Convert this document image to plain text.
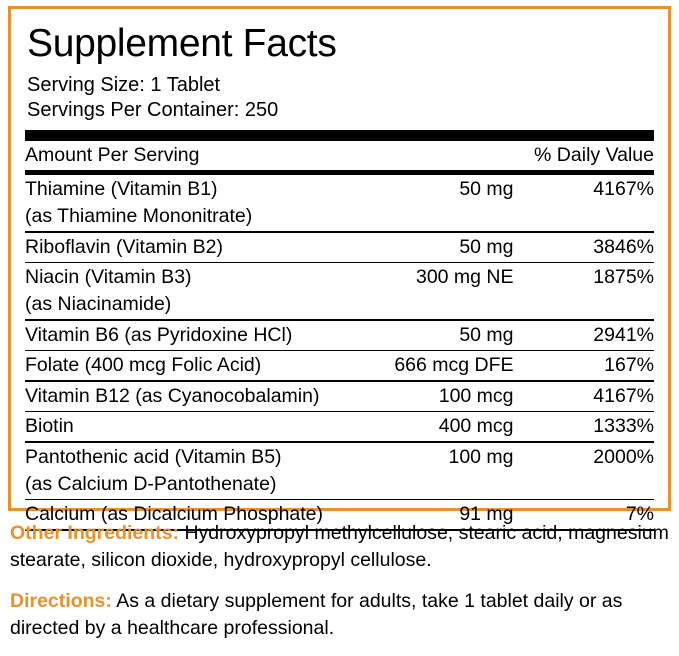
Supplement Facts
Serving Size: 1 Tablet
Servings Per Container: 250
Amount Per Serving		% Daily Value

Thiamine (Vitamin B1)	50 mg	4167%
(as Thiamine Mononitrate)		

Riboflavin (Vitamin B2)	50 mg	3846%

Niacin (Vitamin B3)	300 mg NE	1875%
(as Niacinamide)		

Vitamin B6 (as Pyridoxine HCl)	50 mg	2941%

Folate (400 mcg Folic Acid)	666 mcg DFE	167%

Vitamin B12 (as Cyanocobalamin)	100 mcg	4167%

Biotin	400 mcg	1333%

Pantothenic acid (Vitamin B5)	100 mg	2000%
(as Calcium D-Pantothenate)		

Calcium (as Dicalcium Phosphate)	91 mg	7%

Other Ingredients: Hydroxypropyl methylcellulose, stearic acid, magnesium stearate, silicon dioxide, hydroxypropyl cellulose.
Directions: As a dietary supplement for adults, take 1 tablet daily or as directed by a healthcare professional.
